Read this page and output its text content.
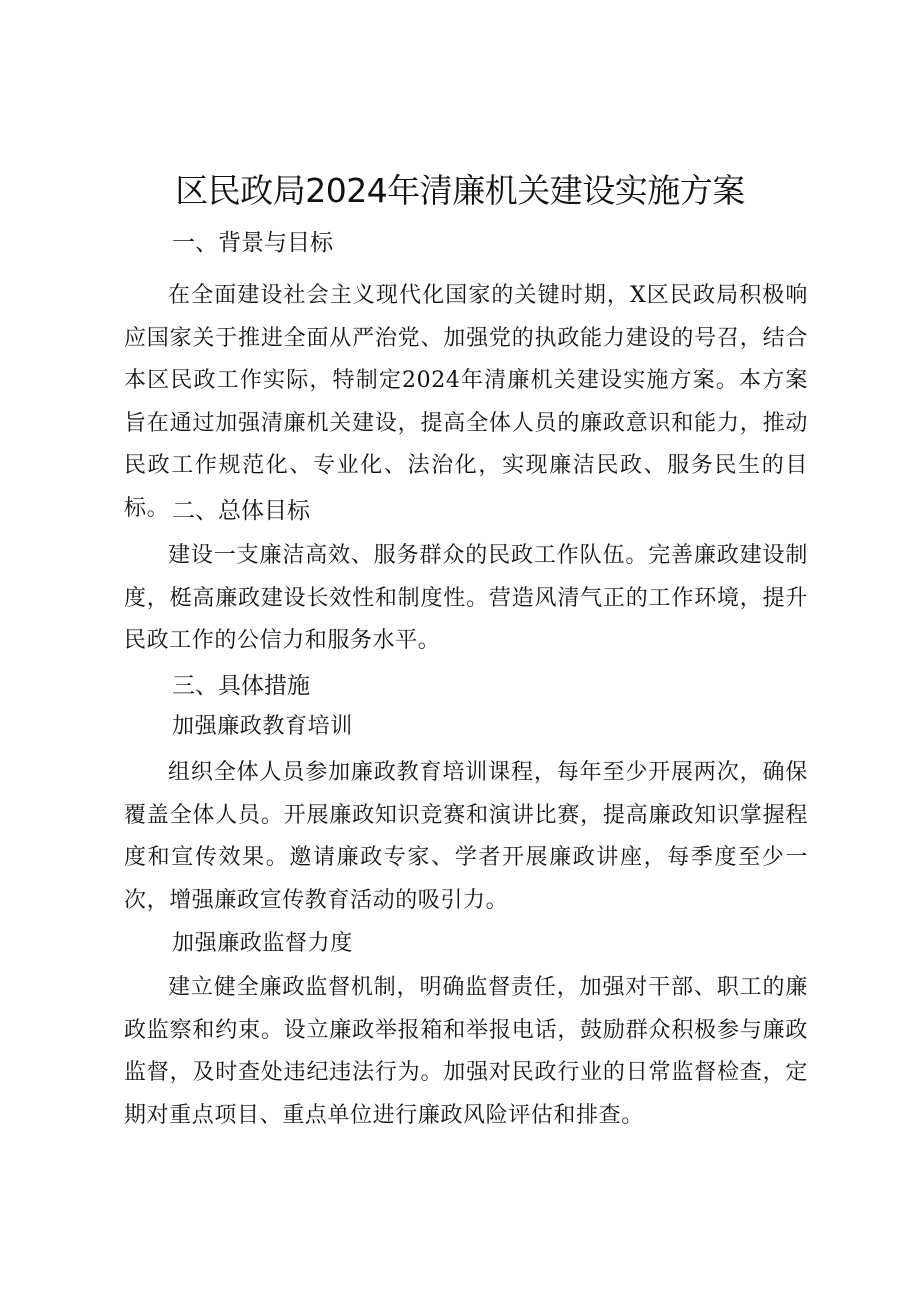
区民政局2024年清廉机关建设实施方案
一、背景与目标

在全面建设社会主义现代化国家的关键时期，X区民政局积极响应国家关于推进全面从严治党、加强党的执政能力建设的号召，结合本区民政工作实际，特制定2024年清廉机关建设实施方案。本方案旨在通过加强清廉机关建设，提高全体人员的廉政意识和能力，推动民政工作规范化、专业化、法治化，实现廉洁民政、服务民生的目标。 二、总体目标

建设一支廉洁高效、服务群众的民政工作队伍。完善廉政建设制度，梃高廉政建设长效性和制度性。营造风清气正的工作环境，提升民政工作的公信力和服务水平。

三、具体措施
加强廉政教育培训

组织全体人员参加廉政教育培训课程，每年至少开展两次，确保覆盖全体人员。开展廉政知识竞赛和演讲比赛，提高廉政知识掌握程度和宣传效果。邀请廉政专家、学者开展廉政讲座，每季度至少一次，增强廉政宣传教育活动的吸引力。

加强廉政监督力度

建立健全廉政监督机制，明确监督责任，加强对干部、职工的廉政监察和约束。设立廉政举报箱和举报电话，鼓励群众积极参与廉政监督，及时查处违纪违法行为。加强对民政行业的日常监督检查，定期对重点项目、重点单位进行廉政风险评估和排查。
